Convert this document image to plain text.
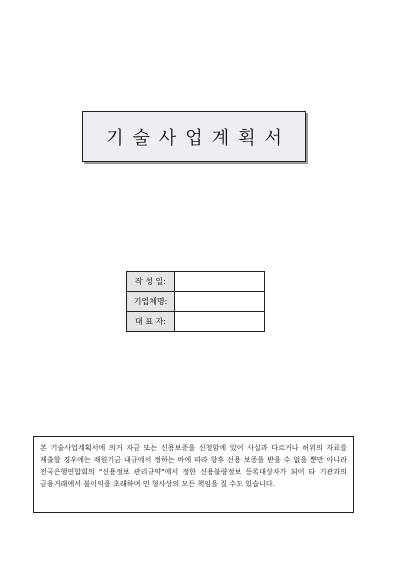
기술사업계획서
작 성 일:	
기업체명:	
대 표 자:	
본 기술사업계획서에 의거 자금 또는 신용보증을 신청함에 있어 사실과 다르거나 허위의 자료를 제출할 경우에는 재원기금 내규에서 정하는 바에 따라 향후 신용 보증을 받을 수 없을 뿐만 아니라 전국은행연합회의 "신용정보 관리규약"에서 정한 신용불량정보 등록대상자가 되어 타 기관과의 금융거래에서 불이익을 초래하며 민 형사상의 모든 책임을 질 수도 있습니다.
